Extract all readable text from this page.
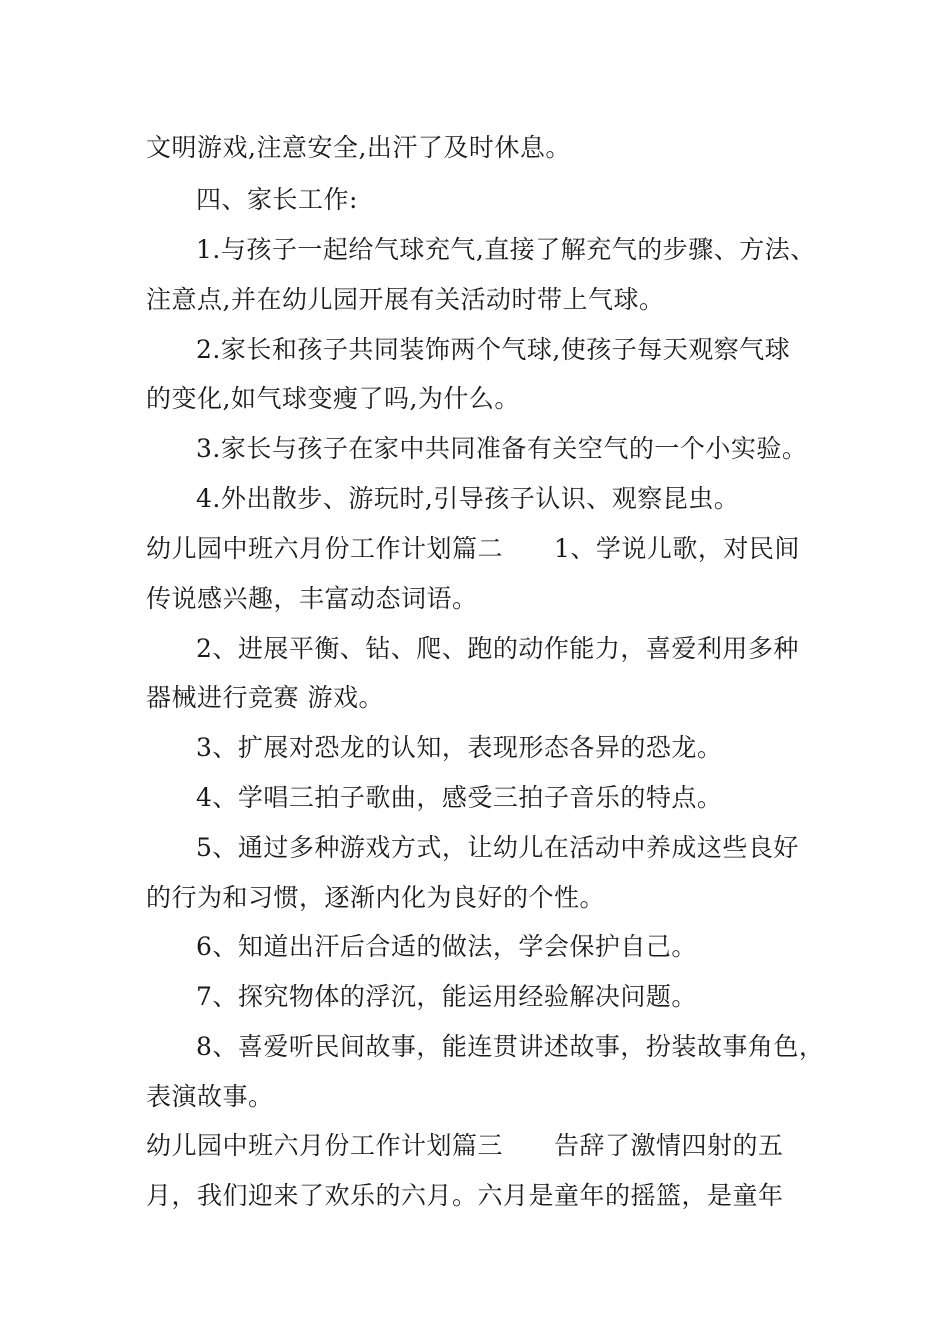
文明游戏,注意安全,出汗了及时休息。
四、家长工作:
1.与孩子一起给气球充气,直接了解充气的步骤、方法、
注意点,并在幼儿园开展有关活动时带上气球。
2.家长和孩子共同装饰两个气球,使孩子每天观察气球
的变化,如气球变瘦了吗,为什么。
3.家长与孩子在家中共同准备有关空气的一个小实验。
4.外出散步、游玩时,引导孩子认识、观察昆虫。
幼儿园中班六月份工作计划篇二　　1、学说儿歌，对民间
传说感兴趣，丰富动态词语。
2、进展平衡、钻、爬、跑的动作能力，喜爱利用多种
器械进行竞赛 游戏。
3、扩展对恐龙的认知，表现形态各异的恐龙。
4、学唱三拍子歌曲，感受三拍子音乐的特点。
5、通过多种游戏方式，让幼儿在活动中养成这些良好
的行为和习惯，逐渐内化为良好的个性。
6、知道出汗后合适的做法，学会保护自己。
7、探究物体的浮沉，能运用经验解决问题。
8、喜爱听民间故事，能连贯讲述故事，扮装故事角色，
表演故事。
幼儿园中班六月份工作计划篇三　　告辞了激情四射的五
月，我们迎来了欢乐的六月。六月是童年的摇篮，是童年
